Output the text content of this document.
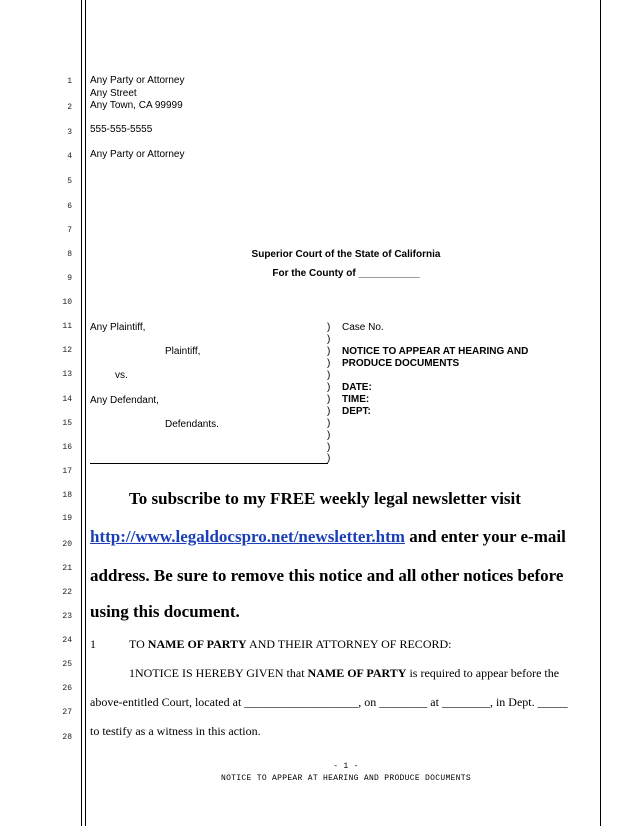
1
2
3
4
5
6
7
8
9
10
11
12
13
14
15
16
17
18
19
20
21
22
23
24
25
26
27
28
Any Party or Attorney
Any Street
Any Town, CA 99999
555-555-5555
Any Party or Attorney
Superior Court of the State of California
For the County of ___________
Any Plaintiff,
Plaintiff,
vs.
Any Defendant,
Defendants.
)
)
)
)
)
)
)
)
)
)
)
)
Case No.
NOTICE TO APPEAR AT HEARING AND
PRODUCE DOCUMENTS
DATE:
TIME:
DEPT:
To subscribe to my FREE weekly legal newsletter visit
http://www.legaldocspro.net/newsletter.htm and enter your e-mail
address. Be sure to remove this notice and all other notices before
using this document.
1	TO NAME OF PARTY AND THEIR ATTORNEY OF RECORD:
1NOTICE IS HEREBY GIVEN that NAME OF PARTY is required to appear before the
above-entitled Court, located at ___________________, on ________ at ________, in Dept. _____
to testify as a witness in this action.
- 1 -
NOTICE TO APPEAR AT HEARING AND PRODUCE DOCUMENTS
